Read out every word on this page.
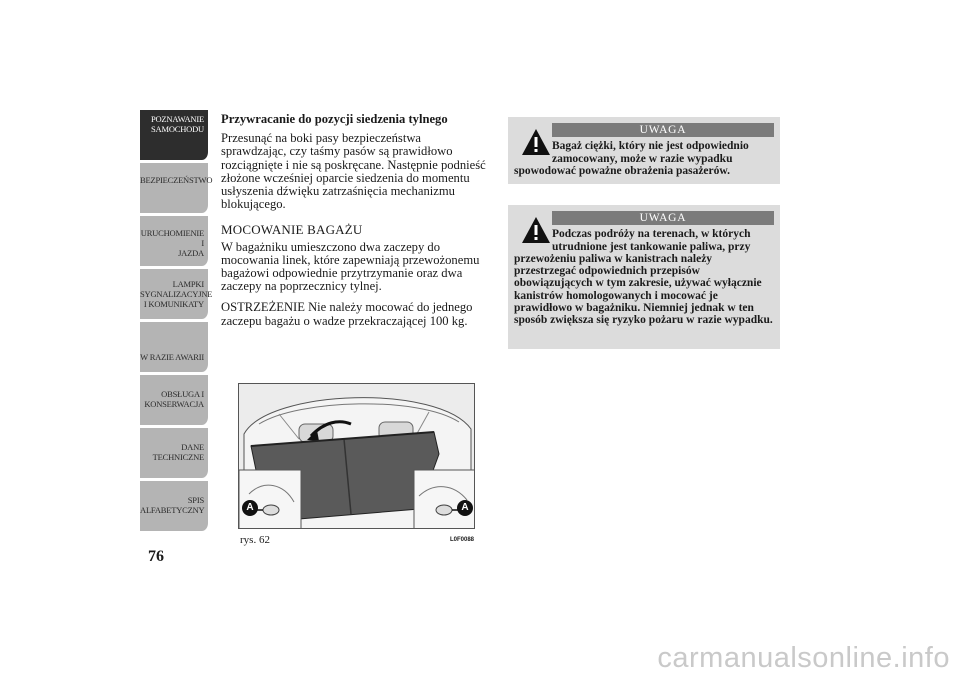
POZNAWANIE
SAMOCHODU
BEZPIECZEŃSTWO
URUCHOMIENIE I
JAZDA
LAMPKI
SYGNALIZACYJNE
I KOMUNIKATY
W RAZIE AWARII
OBSŁUGA I
KONSERWACJA
DANE
TECHNICZNE
SPIS
ALFABETYCZNY
76
Przywracanie do pozycji siedzenia tylnego

Przesunąć na boki pasy bezpieczeństwa sprawdzając, czy taśmy pasów są prawidłowo rozciągnięte i nie są poskręcane. Następnie podnieść złożone wcześniej oparcie siedzenia do momentu usłyszenia dźwięku zatrzaśnięcia mechanizmu blokującego.

MOCOWANIE BAGAŻU

W bagażniku umieszczono dwa zaczepy do mocowania linek, które zapewniają przewożonemu bagażowi odpowiednie przytrzymanie oraz dwa zaczepy na poprzecznicy tylnej.

OSTRZEŻENIE Nie należy mocować do jednego zaczepu bagażu o wadze przekraczającej 100 kg.

UWAGA
Bagaż ciężki, który nie jest odpowiednio
zamocowany, może w razie wypadku
spowodować poważne obrażenia pasażerów.
UWAGA
Podczas podróży na terenach, w których
utrudnione jest tankowanie paliwa, przy
przewożeniu paliwa w kanistrach należy przestrzegać odpowiednich przepisów obowiązujących w tym zakresie, używać wyłącznie kanistrów homologowanych i mocować je prawidłowo w bagażniku. Niemniej jednak w ten sposób zwiększa się ryzyko pożaru w razie wypadku.
A	A
rys. 62	L0F0088
carmanualsonline.info
